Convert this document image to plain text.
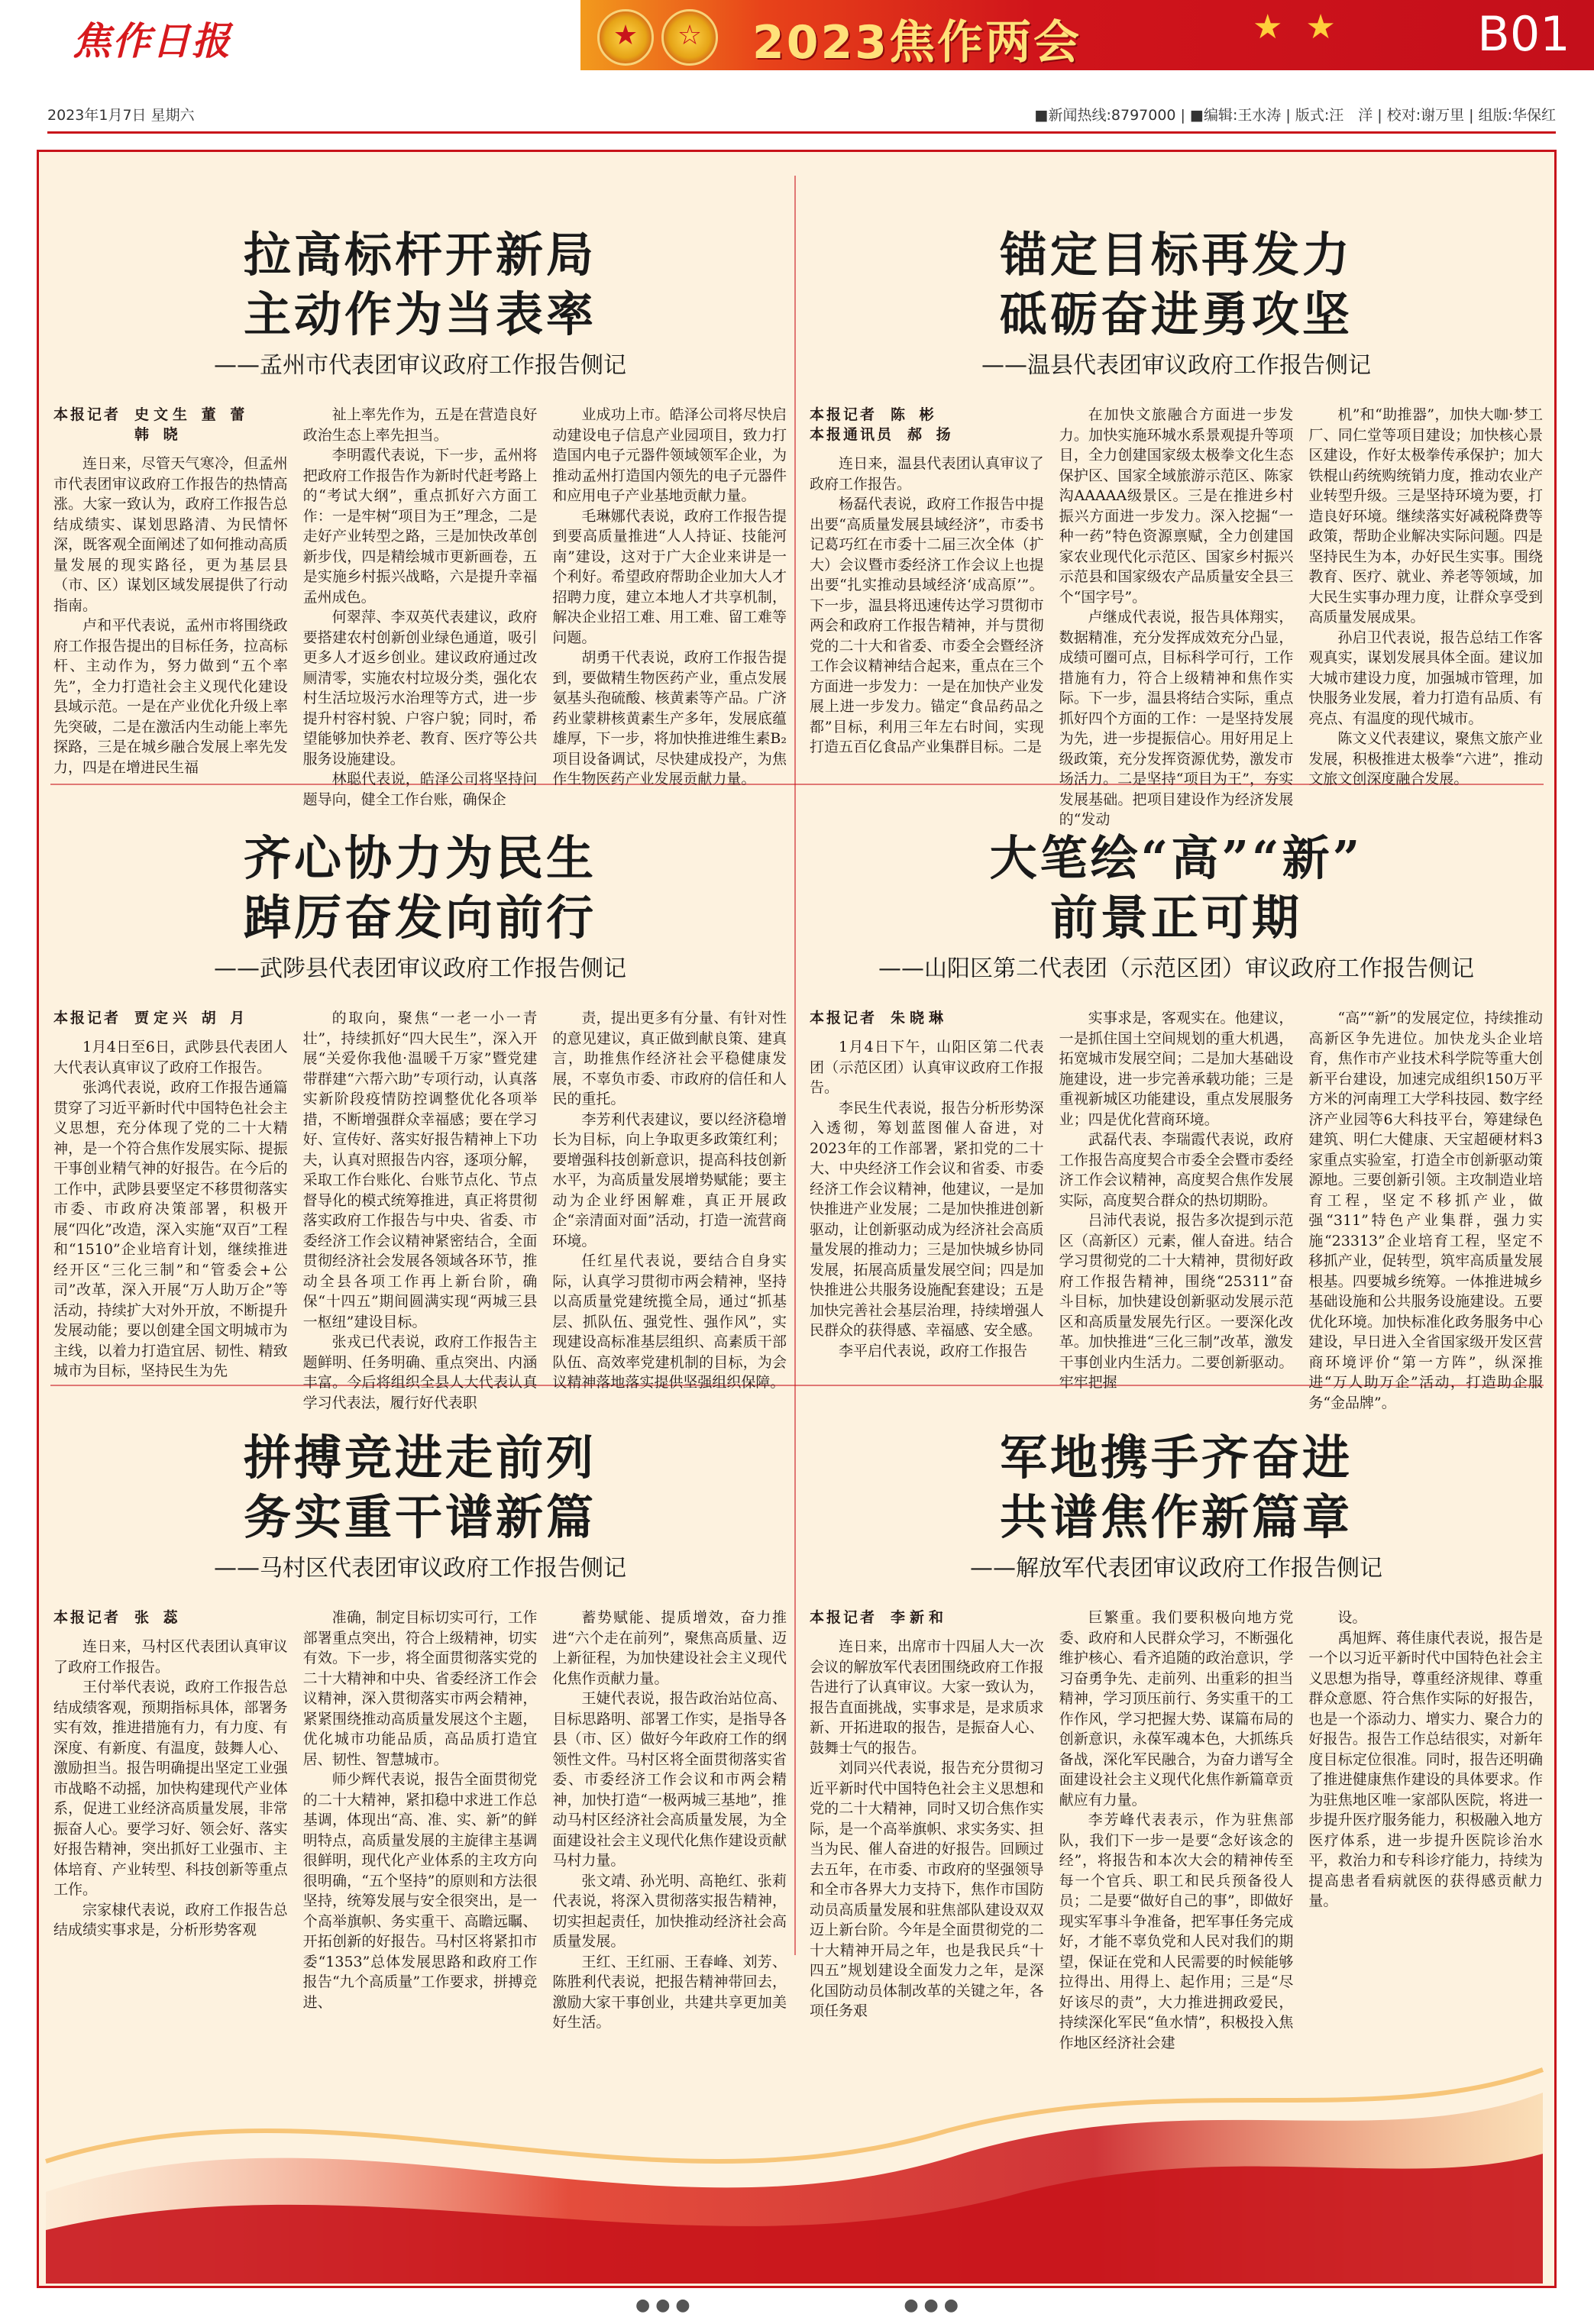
焦作日报	★	☆ 2023焦作两会	★ ★	B01
2023年1月7日 星期六	■新闻热线:8797000 | ■编辑:王水涛 | 版式:汪　洋 | 校对:谢万里 | 组版:华保红
拉高标杆开新局
主动作为当表率
——孟州市代表团审议政府工作报告侧记
本报记者 史文生 董 蕾
　　　　韩 晓

连日来，尽管天气寒冷，但孟州市代表团审议政府工作报告的热情高涨。大家一致认为，政府工作报告总结成绩实、谋划思路清、为民情怀深，既客观全面阐述了如何推动高质量发展的现实路径，更为基层县（市、区）谋划区域发展提供了行动指南。

卢和平代表说，孟州市将围绕政府工作报告提出的目标任务，拉高标杆、主动作为，努力做到“五个率先”，全力打造社会主义现代化建设县域示范。一是在产业优化升级上率先突破，二是在激活内生动能上率先探路，三是在城乡融合发展上率先发力，四是在增进民生福

祉上率先作为，五是在营造良好政治生态上率先担当。

李明霞代表说，下一步，孟州将把政府工作报告作为新时代赶考路上的“考试大纲”，重点抓好六方面工作：一是牢树“项目为王”理念，二是走好产业转型之路，三是加快改革创新步伐，四是精绘城市更新画卷，五是实施乡村振兴战略，六是提升幸福孟州成色。

何翠萍、李双英代表建议，政府要搭建农村创新创业绿色通道，吸引更多人才返乡创业。建议政府通过改厕清零，实施农村垃圾分类，强化农村生活垃圾污水治理等方式，进一步提升村容村貌、户容户貌；同时，希望能够加快养老、教育、医疗等公共服务设施建设。

林聪代表说，皓泽公司将坚持问题导向，健全工作台账，确保企

业成功上市。皓泽公司将尽快启动建设电子信息产业园项目，致力打造国内电子元器件领域领军企业，为推动孟州打造国内领先的电子元器件和应用电子产业基地贡献力量。

毛琳娜代表说，政府工作报告提到要高质量推进“人人持证、技能河南”建设，这对于广大企业来讲是一个利好。希望政府帮助企业加大人才招聘力度，建立本地人才共享机制，解决企业招工难、用工难、留工难等问题。

胡勇干代表说，政府工作报告提到，要做精生物医药产业，重点发展氨基头孢硫酸、核黄素等产品。广济药业蒙耕核黄素生产多年，发展底蕴雄厚，下一步，将加快推进维生素B₂项目设备调试，尽快建成投产，为焦作生物医药产业发展贡献力量。

锚定目标再发力
砥砺奋进勇攻坚
——温县代表团审议政府工作报告侧记
本报记者 陈 彬
本报通讯员 郝 扬

连日来，温县代表团认真审议了政府工作报告。

杨磊代表说，政府工作报告中提出要“高质量发展县域经济”，市委书记葛巧红在市委十二届三次全体（扩大）会议暨市委经济工作会议上也提出要“扎实推动县域经济‘成高原’”。下一步，温县将迅速传达学习贯彻市两会和政府工作报告精神，并与贯彻党的二十大和省委、市委全会暨经济工作会议精神结合起来，重点在三个方面进一步发力：一是在加快产业发展上进一步发力。锚定“食品药品之都”目标，利用三年左右时间，实现打造五百亿食品产业集群目标。二是

在加快文旅融合方面进一步发力。加快实施环城水系景观提升等项目，全力创建国家级太极拳文化生态保护区、国家全域旅游示范区、陈家沟AAAAA级景区。三是在推进乡村振兴方面进一步发力。深入挖掘“一种一药”特色资源禀赋，全力创建国家农业现代化示范区、国家乡村振兴示范县和国家级农产品质量安全县三个“国字号”。

卢继成代表说，报告具体翔实，数据精准，充分发挥成效充分凸显，成绩可圈可点，目标科学可行，工作措施有力，符合上级精神和焦作实际。下一步，温县将结合实际，重点抓好四个方面的工作：一是坚持发展为先，进一步提振信心。用好用足上级政策，充分发挥资源优势，激发市场活力。二是坚持“项目为王”，夯实发展基础。把项目建设作为经济发展的“发动

机”和“助推器”，加快大咖·梦工厂、同仁堂等项目建设；加快核心景区建设，作好太极拳传承保护；加大铁棍山药统购统销力度，推动农业产业转型升级。三是坚持环境为要，打造良好环境。继续落实好减税降费等政策，帮助企业解决实际问题。四是坚持民生为本，办好民生实事。围绕教育、医疗、就业、养老等领域，加大民生实事办理力度，让群众享受到高质量发展成果。

孙启卫代表说，报告总结工作客观真实，谋划发展具体全面。建议加大城市建设力度，加强城市管理，加快服务业发展，着力打造有品质、有亮点、有温度的现代城市。

陈文义代表建议，聚焦文旅产业发展，积极推进太极拳“六进”，推动文旅文创深度融合发展。

齐心协力为民生
踔厉奋发向前行
——武陟县代表团审议政府工作报告侧记
本报记者 贾定兴 胡 月

1月4日至6日，武陟县代表团人大代表认真审议了政府工作报告。

张鸿代表说，政府工作报告通篇贯穿了习近平新时代中国特色社会主义思想，充分体现了党的二十大精神，是一个符合焦作发展实际、提振干事创业精气神的好报告。在今后的工作中，武陟县要坚定不移贯彻落实市委、市政府决策部署，积极开展“四化”改造，深入实施“双百”工程和“1510”企业培育计划，继续推进经开区“三化三制”和“管委会+公司”改革，深入开展“万人助万企”等活动，持续扩大对外开放，不断提升发展动能；要以创建全国文明城市为主线，以着力打造宜居、韧性、精致城市为目标，坚持民生为先

的取向，聚焦“一老一小一青壮”，持续抓好“四大民生”，深入开展“关爱你我他·温暖千万家”暨党建带群建“六帮六助”专项行动，认真落实新阶段疫情防控调整优化各项举措，不断增强群众幸福感；要在学习好、宣传好、落实好报告精神上下功夫，认真对照报告内容，逐项分解，采取工作台账化、台账节点化、节点督导化的模式统筹推进，真正将贯彻落实政府工作报告与中央、省委、市委经济工作会议精神紧密结合，全面贯彻经济社会发展各领域各环节，推动全县各项工作再上新台阶，确保“十四五”期间圆满实现“两城三县一枢纽”建设目标。

张戎已代表说，政府工作报告主题鲜明、任务明确、重点突出、内涵丰富。今后将组织全县人大代表认真学习代表法，履行好代表职

责，提出更多有分量、有针对性的意见建议，真正做到献良策、建真言，助推焦作经济社会平稳健康发展，不辜负市委、市政府的信任和人民的重托。

李芳利代表建议，要以经济稳增长为目标，向上争取更多政策红利；要增强科技创新意识，提高科技创新水平，为高质量发展增势赋能；要主动为企业纾困解难，真正开展政企“亲清面对面”活动，打造一流营商环境。

任红星代表说，要结合自身实际，认真学习贯彻市两会精神，坚持以高质量党建统揽全局，通过“抓基层、抓队伍、强党性、强作风”，实现建设高标准基层组织、高素质干部队伍、高效率党建机制的目标，为会议精神落地落实提供坚强组织保障。

大笔绘“高”“新”
前景正可期
——山阳区第二代表团（示范区团）审议政府工作报告侧记
本报记者 朱晓琳

1月4日下午，山阳区第二代表团（示范区团）认真审议政府工作报告。

李民生代表说，报告分析形势深入透彻，筹划蓝图催人奋进，对2023年的工作部署，紧扣党的二十大、中央经济工作会议和省委、市委经济工作会议精神，他建议，一是加快推进产业发展；二是加快推进创新驱动，让创新驱动成为经济社会高质量发展的推动力；三是加快城乡协同发展，拓展高质量发展空间；四是加快推进公共服务设施配套建设；五是加快完善社会基层治理，持续增强人民群众的获得感、幸福感、安全感。

李平启代表说，政府工作报告

实事求是，客观实在。他建议，一是抓住国土空间规划的重大机遇，拓宽城市发展空间；二是加大基础设施建设，进一步完善承载功能；三是重视新城区功能建设，重点发展服务业；四是优化营商环境。

武磊代表、李瑞霞代表说，政府工作报告高度契合市委全会暨市委经济工作会议精神，高度契合焦作发展实际，高度契合群众的热切期盼。

吕沛代表说，报告多次提到示范区（高新区）元素，催人奋进。结合学习贯彻党的二十大精神，贯彻好政府工作报告精神，围绕“25311”奋斗目标，加快建设创新驱动发展示范区和高质量发展先行区。一要深化改革。加快推进“三化三制”改革，激发干事创业内生活力。二要创新驱动。牢牢把握

“高”“新”的发展定位，持续推动高新区争先进位。加快龙头企业培育，焦作市产业技术科学院等重大创新平台建设，加速完成组织150万平方米的河南理工大学科技园、数字经济产业园等6大科技平台，筹建绿色建筑、明仁大健康、天宝超硬材料3家重点实验室，打造全市创新驱动策源地。三要创新引领。主攻制造业培育工程，坚定不移抓产业，做强“311”特色产业集群，强力实施“23313”企业培育工程，坚定不移抓产业，促转型，筑牢高质量发展根基。四要城乡统筹。一体推进城乡基础设施和公共服务设施建设。五要优化环境。加快标准化政务服务中心建设，早日进入全省国家级开发区营商环境评价“第一方阵”，纵深推进“万人助万企”活动，打造助企服务“金品牌”。

拼搏竞进走前列
务实重干谱新篇
——马村区代表团审议政府工作报告侧记
本报记者 张 蕊

连日来，马村区代表团认真审议了政府工作报告。

王付举代表说，政府工作报告总结成绩客观，预期指标具体，部署务实有效，推进措施有力，有力度、有深度、有新度、有温度，鼓舞人心、激励担当。报告明确提出坚定工业强市战略不动摇，加快构建现代产业体系，促进工业经济高质量发展，非常振奋人心。要学习好、领会好、落实好报告精神，突出抓好工业强市、主体培育、产业转型、科技创新等重点工作。

宗家棣代表说，政府工作报告总结成绩实事求是，分析形势客观

准确，制定目标切实可行，工作部署重点突出，符合上级精神，切实有效。下一步，将全面贯彻落实党的二十大精神和中央、省委经济工作会议精神，深入贯彻落实市两会精神，紧紧围绕推动高质量发展这个主题，优化城市功能品质，高品质打造宜居、韧性、智慧城市。

师少辉代表说，报告全面贯彻党的二十大精神，紧扣稳中求进工作总基调，体现出“高、准、实、新”的鲜明特点，高质量发展的主旋律主基调很鲜明，现代化产业体系的主攻方向很明确，“五个坚持”的原则和方法很坚持，统筹发展与安全很突出，是一个高举旗帜、务实重干、高瞻远瞩、开拓创新的好报告。马村区将紧扣市委“1353”总体发展思路和政府工作报告“九个高质量”工作要求，拼搏竞进、

蓄势赋能、提质增效，奋力推进“六个走在前列”，聚焦高质量、迈上新征程，为加快建设社会主义现代化焦作贡献力量。

王婕代表说，报告政治站位高、目标思路明、部署工作实，是指导各县（市、区）做好今年政府工作的纲领性文件。马村区将全面贯彻落实省委、市委经济工作会议和市两会精神，加快打造“一极两城三基地”，推动马村区经济社会高质量发展，为全面建设社会主义现代化焦作建设贡献马村力量。

张文靖、孙光明、高艳红、张莉代表说，将深入贯彻落实报告精神，切实担起责任，加快推动经济社会高质量发展。

王红、王红丽、王春峰、刘芳、陈胜利代表说，把报告精神带回去，激励大家干事创业，共建共享更加美好生活。

军地携手齐奋进
共谱焦作新篇章
——解放军代表团审议政府工作报告侧记
本报记者 李新和

连日来，出席市十四届人大一次会议的解放军代表团围绕政府工作报告进行了认真审议。大家一致认为，报告直面挑战，实事求是，是求质求新、开拓进取的报告，是振奋人心、鼓舞士气的报告。

刘同兴代表说，报告充分贯彻习近平新时代中国特色社会主义思想和党的二十大精神，同时又切合焦作实际，是一个高举旗帜、求实务实、担当为民、催人奋进的好报告。回顾过去五年，在市委、市政府的坚强领导和全市各界大力支持下，焦作市国防动员高质量发展和驻焦部队建设双双迈上新台阶。今年是全面贯彻党的二十大精神开局之年，也是我民兵“十四五”规划建设全面发力之年，是深化国防动员体制改革的关键之年，各项任务艰

巨繁重。我们要积极向地方党委、政府和人民群众学习，不断强化维护核心、看齐追随的政治意识，学习奋勇争先、走前列、出重彩的担当精神，学习顶压前行、务实重干的工作作风，学习把握大势、谋篇布局的创新意识，永葆军魂本色，大抓练兵备战，深化军民融合，为奋力谱写全面建设社会主义现代化焦作新篇章贡献应有力量。

李芳峰代表表示，作为驻焦部队，我们下一步一是要“念好该念的经”，将报告和本次大会的精神传至每一个官兵、职工和民兵预备役人员；二是要“做好自己的事”，即做好现实军事斗争准备，把军事任务完成好，才能不辜负党和人民对我们的期望，保证在党和人民需要的时候能够拉得出、用得上、起作用；三是“尽好该尽的责”，大力推进拥政爱民，持续深化军民“鱼水情”，积极投入焦作地区经济社会建

设。

禹旭辉、蒋佳康代表说，报告是一个以习近平新时代中国特色社会主义思想为指导，尊重经济规律、尊重群众意愿、符合焦作实际的好报告，也是一个添动力、增实力、聚合力的好报告。报告工作总结很实，对新年度目标定位很准。同时，报告还明确了推进健康焦作建设的具体要求。作为驻焦地区唯一家部队医院，将进一步提升医疗服务能力，积极融入地方医疗体系，进一步提升医院诊治水平，救治力和专科诊疗能力，持续为提高患者看病就医的获得感贡献力量。

● ● ●                                        ● ● ●
